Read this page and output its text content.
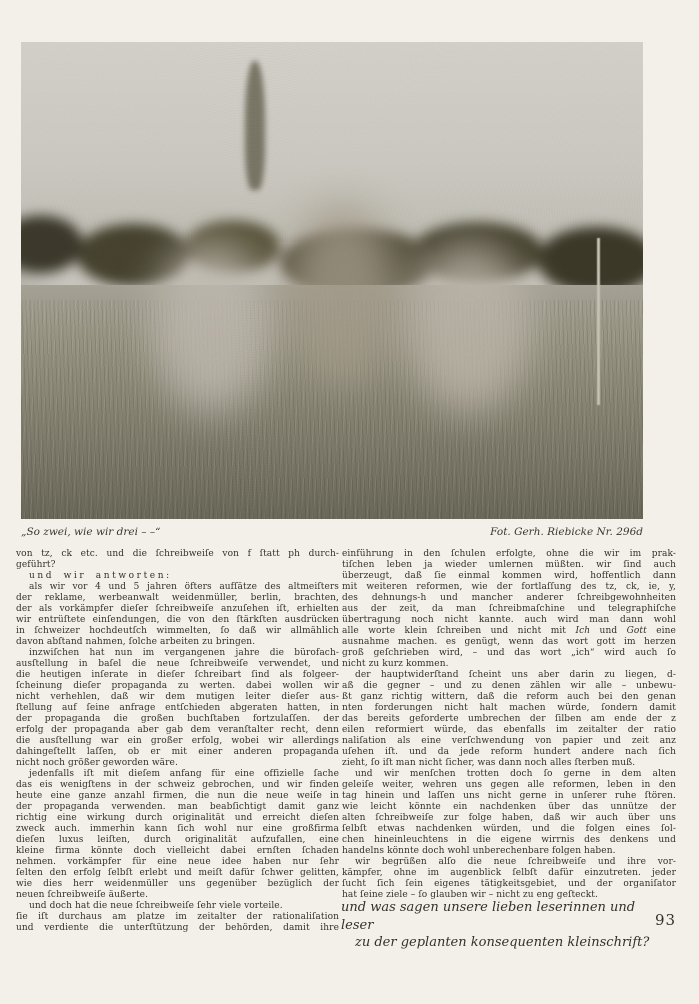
„So zwei, wie wir drei – –“	Fot. Gerh. Riebicke Nr. 296d
von tz, ck etc. und die ſchreibweiſe von f ſtatt ph durch-
geführt?
und wir antworten:
als wir vor 4 und 5 jahren öfters aufſätze des altmeiſters
der reklame, werbeanwalt weidenmüller, berlin, brachten,
der als vorkämpfer dieſer ſchreibweiſe anzuſehen iſt, erhielten
wir entrüſtete einſendungen, die von den ſtärkſten ausdrücken
in ſchweizer hochdeutſch wimmelten, ſo daß wir allmählich
davon abſtand nahmen, ſolche arbeiten zu bringen.
inzwiſchen hat nun im vergangenen jahre die bürofach-
ausſtellung in baſel die neue ſchreibweiſe verwendet, und
die heutigen inſerate in dieſer ſchreibart ſind als folgeer-
ſcheinung dieſer propaganda zu werten. dabei wollen wir
nicht verhehlen, daß wir dem mutigen leiter dieſer aus-
ſtellung auf ſeine anfrage entſchieden abgeraten hatten, in
der propaganda die großen buchſtaben fortzulaſſen. der
erfolg der propaganda aber gab dem veranſtalter recht, denn
die ausſtellung war ein großer erfolg, wobei wir allerdings
dahingeſtellt laſſen, ob er mit einer anderen propaganda
nicht noch größer geworden wäre.
jedenfalls iſt mit dieſem anfang für eine offizielle ſache
das eis wenigſtens in der schweiz gebrochen, und wir finden
heute eine ganze anzahl firmen, die nun die neue weiſe in
der propaganda verwenden. man beabſichtigt damit ganz
richtig eine wirkung durch originalität und erreicht dieſen
zweck auch. immerhin kann ſich wohl nur eine großfirma
dieſen luxus leiſten, durch originalität aufzufallen, eine
kleine firma könnte doch vielleicht dabei ernſten ſchaden
nehmen. vorkämpfer für eine neue idee haben nur ſehr
ſelten den erfolg ſelbſt erlebt und meiſt dafür ſchwer gelitten,
wie dies herr weidenmüller uns gegenüber bezüglich der
neuen ſchreibweiſe äußerte.
und doch hat die neue ſchreibweiſe ſehr viele vorteile.
ſie iſt durchaus am platze im zeitalter der rationaliſation
und verdiente die unterſtützung der behörden, damit ihre
einführung in den ſchulen erfolgte, ohne die wir im prak-
tiſchen leben ja wieder umlernen müßten. wir ſind auch
überzeugt, daß ſie einmal kommen wird, hoffentlich dann
mit weiteren reformen, wie der fortlaſſung des tz, ck, ie, y,
des dehnungs-h und mancher anderer ſchreibgewohnheiten
aus der zeit, da man ſchreibmaſchine und telegraphiſche
übertragung noch nicht kannte. auch wird man dann wohl
alle worte klein ſchreiben und nicht mit Ich und Gott eine
ausnahme machen. es genügt, wenn das wort gott im herzen
groß geſchrieben wird, – und das wort „ich“ wird auch ſo
nicht zu kurz kommen.
der hauptwiderſtand ſcheint uns aber darin zu liegen, d-
aß die gegner – und zu denen zählen wir alle – unbewu-
ßt ganz richtig wittern, daß die reform auch bei den genan
nten forderungen nicht halt machen würde, ſondern damit
das bereits geforderte umbrechen der ſilben am ende der z
eilen reformiert würde, das ebenfalls im zeitalter der ratio
naliſation als eine verſchwendung von papier und zeit anz
uſehen iſt. und da jede reform hundert andere nach ſich
zieht, ſo iſt man nicht ſicher, was dann noch alles ſterben muß.
und wir menſchen trotten doch ſo gerne in dem alten
geleiſe weiter, wehren uns gegen alle reformen, leben in den
tag hinein und laſſen uns nicht gerne in unſerer ruhe ſtören.
wie leicht könnte ein nachdenken über das unnütze der
alten ſchreibweiſe zur folge haben, daß wir auch über uns
ſelbſt etwas nachdenken würden, und die folgen eines ſol-
chen hineinleuchtens in die eigene wirrnis des denkens und
handelns könnte doch wohl unberechenbare folgen haben.
wir begrüßen alſo die neue ſchreibweiſe und ihre vor-
kämpfer, ohne im augenblick ſelbſt dafür einzutreten. jeder
ſucht ſich ſein eigenes tätigkeitsgebiet, und der organiſator
hat ſeine ziele – ſo glauben wir – nicht zu eng geſteckt.
und was sagen unsere lieben leserinnen und leser
zu der geplanten konsequenten kleinschrift?
93
